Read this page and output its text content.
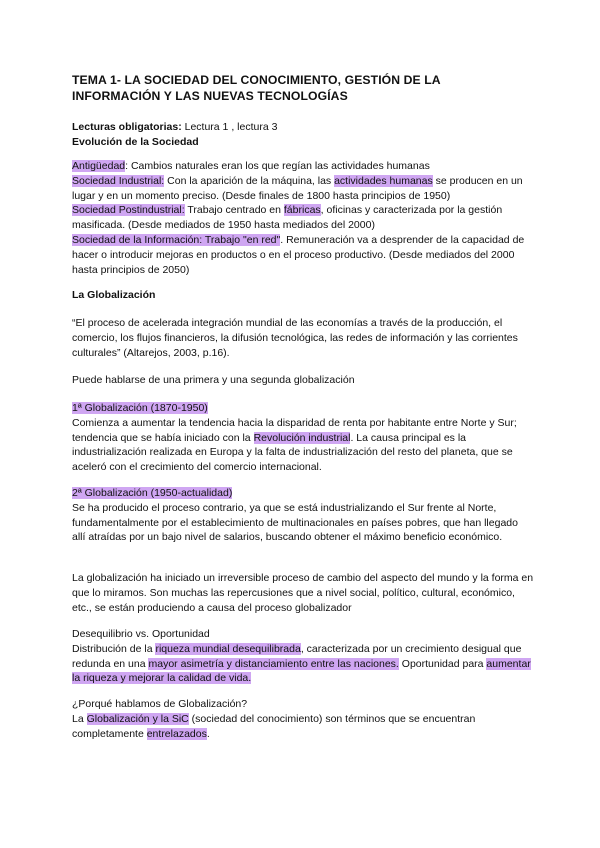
TEMA 1- LA SOCIEDAD DEL CONOCIMIENTO, GESTIÓN DE LA INFORMACIÓN Y LAS NUEVAS TECNOLOGÍAS

Lecturas obligatorias: Lectura 1 , lectura 3
Evolución de la Sociedad

Antigüedad: Cambios naturales eran los que regían las actividades humanas
Sociedad Industrial: Con la aparición de la máquina, las actividades humanas se producen en un lugar y en un momento preciso. (Desde finales de 1800 hasta principios de 1950)
Sociedad Postindustrial: Trabajo centrado en fábricas, oficinas y caracterizada por la gestión masificada. (Desde mediados de 1950 hasta mediados del 2000)
Sociedad de la Información: Trabajo "en red". Remuneración va a desprender de la capacidad de hacer o introducir mejoras en productos o en el proceso productivo. (Desde mediados del 2000 hasta principios de 2050)

La Globalización

“El proceso de acelerada integración mundial de las economías a través de la producción, el comercio, los flujos financieros, la difusión tecnológica, las redes de información y las corrientes culturales” (Altarejos, 2003, p.16).

Puede hablarse de una primera y una segunda globalización

1ª Globalización (1870-1950)
Comienza a aumentar la tendencia hacia la disparidad de renta por habitante entre Norte y Sur; tendencia que se había iniciado con la Revolución industrial. La causa principal es la industrialización realizada en Europa y la falta de industrialización del resto del planeta, que se aceleró con el crecimiento del comercio internacional.

2ª Globalización (1950-actualidad)
Se ha producido el proceso contrario, ya que se está industrializando el Sur frente al Norte, fundamentalmente por el establecimiento de multinacionales en países pobres, que han llegado allí atraídas por un bajo nivel de salarios, buscando obtener el máximo beneficio económico.

La globalización ha iniciado un irreversible proceso de cambio del aspecto del mundo y la forma en que lo miramos. Son muchas las repercusiones que a nivel social, político, cultural, económico, etc., se están produciendo a causa del proceso globalizador

Desequilibrio vs. Oportunidad
Distribución de la riqueza mundial desequilibrada, caracterizada por un crecimiento desigual que redunda en una mayor asimetría y distanciamiento entre las naciones. Oportunidad para aumentar la riqueza y mejorar la calidad de vida.

¿Porqué hablamos de Globalización?
La Globalización y la SiC (sociedad del conocimiento) son términos que se encuentran completamente entrelazados.
